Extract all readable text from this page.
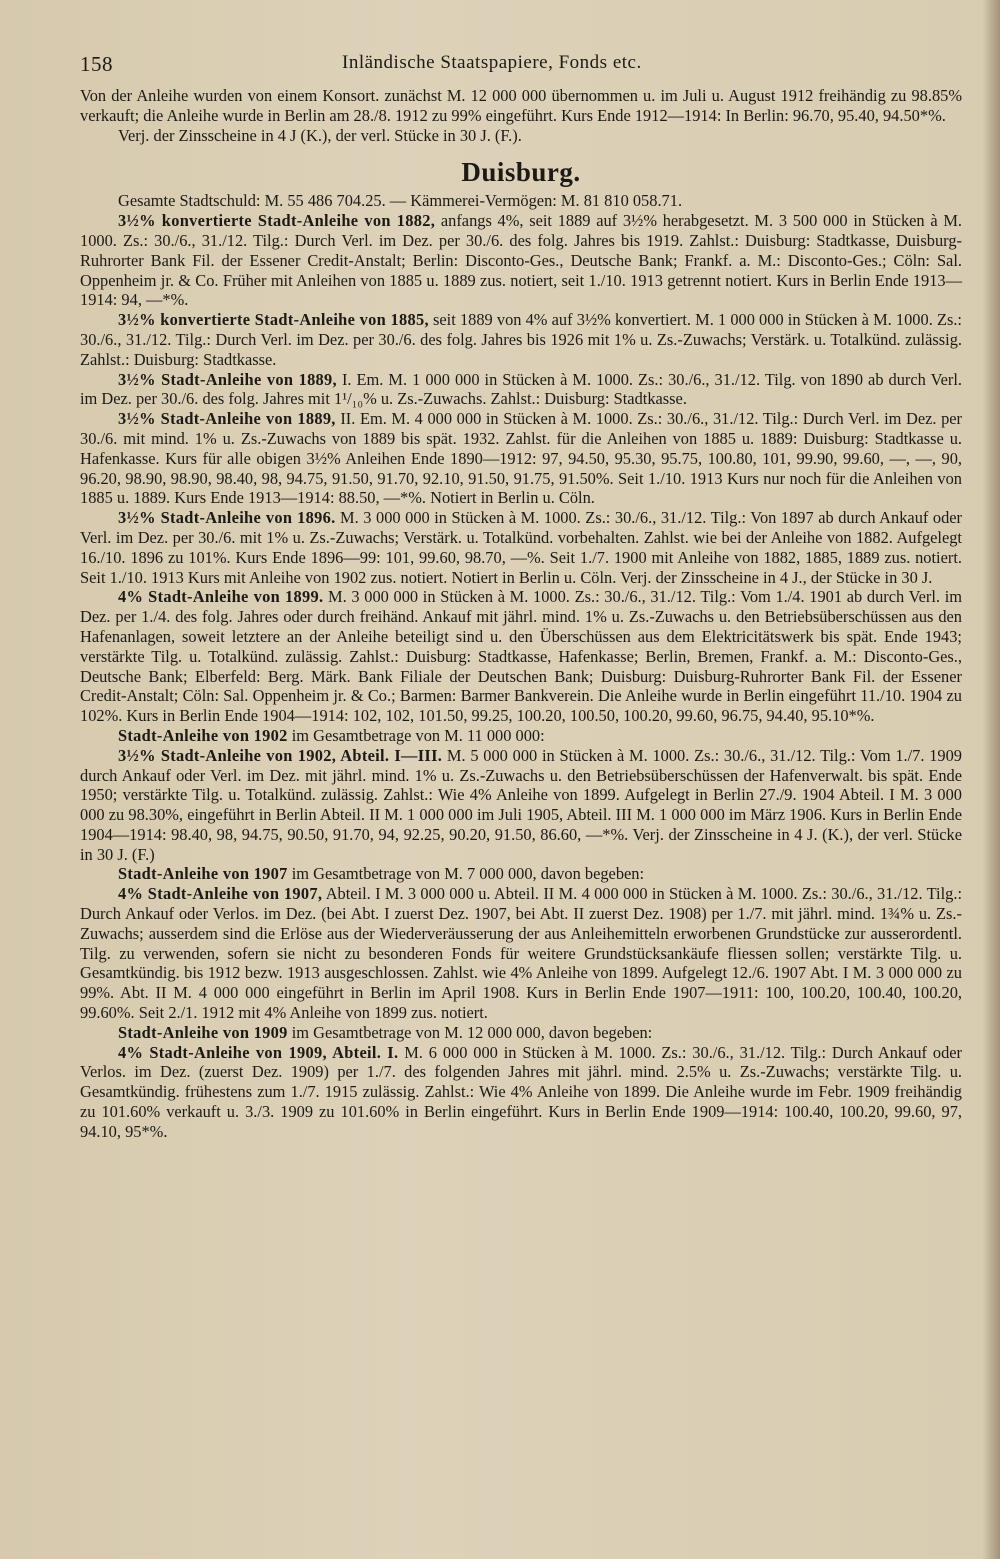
158	Inländische Staatspapiere, Fonds etc.

Von der Anleihe wurden von einem Konsort. zunächst M. 12 000 000 übernommen u. im Juli u. August 1912 freihändig zu 98.85% verkauft; die Anleihe wurde in Berlin am 28./8. 1912 zu 99% eingeführt. Kurs Ende 1912—1914: In Berlin: 96.70, 95.40, 94.50*%.

Verj. der Zinsscheine in 4 J (K.), der verl. Stücke in 30 J. (F.).

Duisburg.

Gesamte Stadtschuld: M. 55 486 704.25. — Kämmerei-Vermögen: M. 81 810 058.71.

3½% konvertierte Stadt-Anleihe von 1882, anfangs 4%, seit 1889 auf 3½% herabgesetzt. M. 3 500 000 in Stücken à M. 1000. Zs.: 30./6., 31./12. Tilg.: Durch Verl. im Dez. per 30./6. des folg. Jahres bis 1919. Zahlst.: Duisburg: Stadtkasse, Duisburg-Ruhrorter Bank Fil. der Essener Credit-Anstalt; Berlin: Disconto-Ges., Deutsche Bank; Frankf. a. M.: Disconto-Ges.; Cöln: Sal. Oppenheim jr. & Co. Früher mit Anleihen von 1885 u. 1889 zus. notiert, seit 1./10. 1913 getrennt notiert. Kurs in Berlin Ende 1913—1914: 94, —*%.

3½% konvertierte Stadt-Anleihe von 1885, seit 1889 von 4% auf 3½% konvertiert. M. 1 000 000 in Stücken à M. 1000. Zs.: 30./6., 31./12. Tilg.: Durch Verl. im Dez. per 30./6. des folg. Jahres bis 1926 mit 1% u. Zs.-Zuwachs; Verstärk. u. Totalkünd. zulässig. Zahlst.: Duisburg: Stadtkasse.

3½% Stadt-Anleihe von 1889, I. Em. M. 1 000 000 in Stücken à M. 1000. Zs.: 30./6., 31./12. Tilg. von 1890 ab durch Verl. im Dez. per 30./6. des folg. Jahres mit 1¹/₁₀% u. Zs.-Zuwachs. Zahlst.: Duisburg: Stadtkasse.

3½% Stadt-Anleihe von 1889, II. Em. M. 4 000 000 in Stücken à M. 1000. Zs.: 30./6., 31./12. Tilg.: Durch Verl. im Dez. per 30./6. mit mind. 1% u. Zs.-Zuwachs von 1889 bis spät. 1932. Zahlst. für die Anleihen von 1885 u. 1889: Duisburg: Stadtkasse u. Hafenkasse. Kurs für alle obigen 3½% Anleihen Ende 1890—1912: 97, 94.50, 95.30, 95.75, 100.80, 101, 99.90, 99.60, —, —, 90, 96.20, 98.90, 98.90, 98.40, 98, 94.75, 91.50, 91.70, 92.10, 91.50, 91.75, 91.50%. Seit 1./10. 1913 Kurs nur noch für die Anleihen von 1885 u. 1889. Kurs Ende 1913—1914: 88.50, —*%. Notiert in Berlin u. Cöln.

3½% Stadt-Anleihe von 1896. M. 3 000 000 in Stücken à M. 1000. Zs.: 30./6., 31./12. Tilg.: Von 1897 ab durch Ankauf oder Verl. im Dez. per 30./6. mit 1% u. Zs.-Zuwachs; Verstärk. u. Totalkünd. vorbehalten. Zahlst. wie bei der Anleihe von 1882. Aufgelegt 16./10. 1896 zu 101%. Kurs Ende 1896—99: 101, 99.60, 98.70, —%. Seit 1./7. 1900 mit Anleihe von 1882, 1885, 1889 zus. notiert. Seit 1./10. 1913 Kurs mit Anleihe von 1902 zus. notiert. Notiert in Berlin u. Cöln. Verj. der Zinsscheine in 4 J., der Stücke in 30 J.

4% Stadt-Anleihe von 1899. M. 3 000 000 in Stücken à M. 1000. Zs.: 30./6., 31./12. Tilg.: Vom 1./4. 1901 ab durch Verl. im Dez. per 1./4. des folg. Jahres oder durch freihänd. Ankauf mit jährl. mind. 1% u. Zs.-Zuwachs u. den Betriebsüberschüssen aus den Hafenanlagen, soweit letztere an der Anleihe beteiligt sind u. den Überschüssen aus dem Elektricitätswerk bis spät. Ende 1943; verstärkte Tilg. u. Totalkünd. zulässig. Zahlst.: Duisburg: Stadtkasse, Hafenkasse; Berlin, Bremen, Frankf. a. M.: Disconto-Ges., Deutsche Bank; Elberfeld: Berg. Märk. Bank Filiale der Deutschen Bank; Duisburg: Duisburg-Ruhrorter Bank Fil. der Essener Credit-Anstalt; Cöln: Sal. Oppenheim jr. & Co.; Barmen: Barmer Bankverein. Die Anleihe wurde in Berlin eingeführt 11./10. 1904 zu 102%. Kurs in Berlin Ende 1904—1914: 102, 102, 101.50, 99.25, 100.20, 100.50, 100.20, 99.60, 96.75, 94.40, 95.10*%.

Stadt-Anleihe von 1902 im Gesamtbetrage von M. 11 000 000:

3½% Stadt-Anleihe von 1902, Abteil. I—III. M. 5 000 000 in Stücken à M. 1000. Zs.: 30./6., 31./12. Tilg.: Vom 1./7. 1909 durch Ankauf oder Verl. im Dez. mit jährl. mind. 1% u. Zs.-Zuwachs u. den Betriebsüberschüssen der Hafenverwalt. bis spät. Ende 1950; verstärkte Tilg. u. Totalkünd. zulässig. Zahlst.: Wie 4% Anleihe von 1899. Aufgelegt in Berlin 27./9. 1904 Abteil. I M. 3 000 000 zu 98.30%, eingeführt in Berlin Abteil. II M. 1 000 000 im Juli 1905, Abteil. III M. 1 000 000 im März 1906. Kurs in Berlin Ende 1904—1914: 98.40, 98, 94.75, 90.50, 91.70, 94, 92.25, 90.20, 91.50, 86.60, —*%. Verj. der Zinsscheine in 4 J. (K.), der verl. Stücke in 30 J. (F.)

Stadt-Anleihe von 1907 im Gesamtbetrage von M. 7 000 000, davon begeben:

4% Stadt-Anleihe von 1907, Abteil. I M. 3 000 000 u. Abteil. II M. 4 000 000 in Stücken à M. 1000. Zs.: 30./6., 31./12. Tilg.: Durch Ankauf oder Verlos. im Dez. (bei Abt. I zuerst Dez. 1907, bei Abt. II zuerst Dez. 1908) per 1./7. mit jährl. mind. 1¾% u. Zs.-Zuwachs; ausserdem sind die Erlöse aus der Wiederveräusserung der aus Anleihemitteln erworbenen Grundstücke zur ausserordentl. Tilg. zu verwenden, sofern sie nicht zu besonderen Fonds für weitere Grundstücksankäufe fliessen sollen; verstärkte Tilg. u. Gesamtkündig. bis 1912 bezw. 1913 ausgeschlossen. Zahlst. wie 4% Anleihe von 1899. Aufgelegt 12./6. 1907 Abt. I M. 3 000 000 zu 99%. Abt. II M. 4 000 000 eingeführt in Berlin im April 1908. Kurs in Berlin Ende 1907—1911: 100, 100.20, 100.40, 100.20, 99.60%. Seit 2./1. 1912 mit 4% Anleihe von 1899 zus. notiert.

Stadt-Anleihe von 1909 im Gesamtbetrage von M. 12 000 000, davon begeben:

4% Stadt-Anleihe von 1909, Abteil. I. M. 6 000 000 in Stücken à M. 1000. Zs.: 30./6., 31./12. Tilg.: Durch Ankauf oder Verlos. im Dez. (zuerst Dez. 1909) per 1./7. des folgenden Jahres mit jährl. mind. 2.5% u. Zs.-Zuwachs; verstärkte Tilg. u. Gesamtkündig. frühestens zum 1./7. 1915 zulässig. Zahlst.: Wie 4% Anleihe von 1899. Die Anleihe wurde im Febr. 1909 freihändig zu 101.60% verkauft u. 3./3. 1909 zu 101.60% in Berlin eingeführt. Kurs in Berlin Ende 1909—1914: 100.40, 100.20, 99.60, 97, 94.10, 95*%.
